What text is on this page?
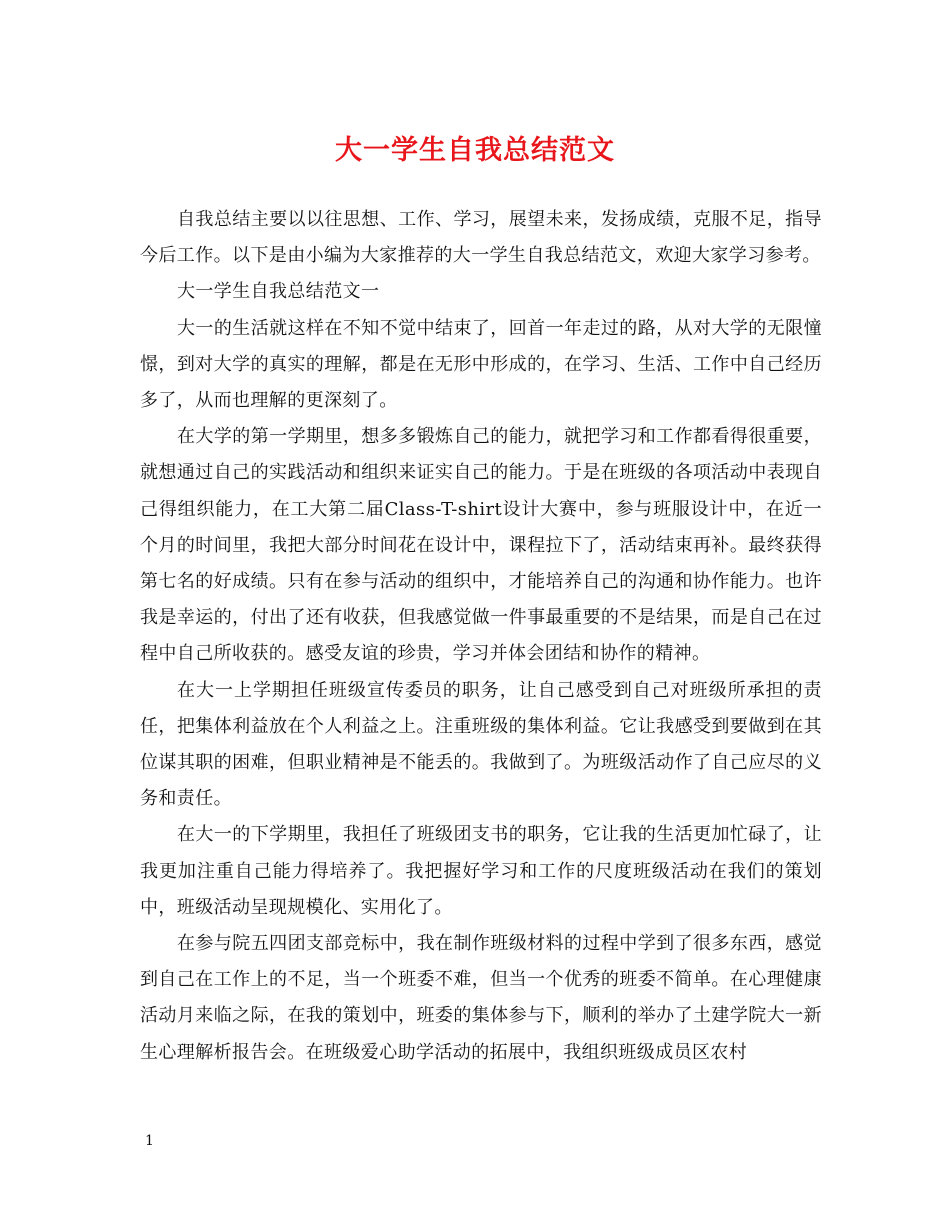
大一学生自我总结范文

自我总结主要以以往思想、工作、学习，展望未来，发扬成绩，克服不足，指导今后工作。以下是由小编为大家推荐的大一学生自我总结范文，欢迎大家学习参考。

大一学生自我总结范文一

大一的生活就这样在不知不觉中结束了，回首一年走过的路，从对大学的无限憧憬，到对大学的真实的理解，都是在无形中形成的，在学习、生活、工作中自己经历多了，从而也理解的更深刻了。

在大学的第一学期里，想多多锻炼自己的能力，就把学习和工作都看得很重要，就想通过自己的实践活动和组织来证实自己的能力。于是在班级的各项活动中表现自己得组织能力，在工大第二届Class-T-shirt设计大赛中，参与班服设计中，在近一个月的时间里，我把大部分时间花在设计中，课程拉下了，活动结束再补。最终获得第七名的好成绩。只有在参与活动的组织中，才能培养自己的沟通和协作能力。也许我是幸运的，付出了还有收获，但我感觉做一件事最重要的不是结果，而是自己在过程中自己所收获的。感受友谊的珍贵，学习并体会团结和协作的精神。

在大一上学期担任班级宣传委员的职务，让自己感受到自己对班级所承担的责任，把集体利益放在个人利益之上。注重班级的集体利益。它让我感受到要做到在其位谋其职的困难，但职业精神是不能丢的。我做到了。为班级活动作了自己应尽的义务和责任。

在大一的下学期里，我担任了班级团支书的职务，它让我的生活更加忙碌了，让我更加注重自己能力得培养了。我把握好学习和工作的尺度班级活动在我们的策划中，班级活动呈现规模化、实用化了。

在参与院五四团支部竞标中，我在制作班级材料的过程中学到了很多东西，感觉到自己在工作上的不足，当一个班委不难，但当一个优秀的班委不简单。在心理健康活动月来临之际，在我的策划中，班委的集体参与下，顺利的举办了土建学院大一新生心理解析报告会。在班级爱心助学活动的拓展中，我组织班级成员区农村

1
